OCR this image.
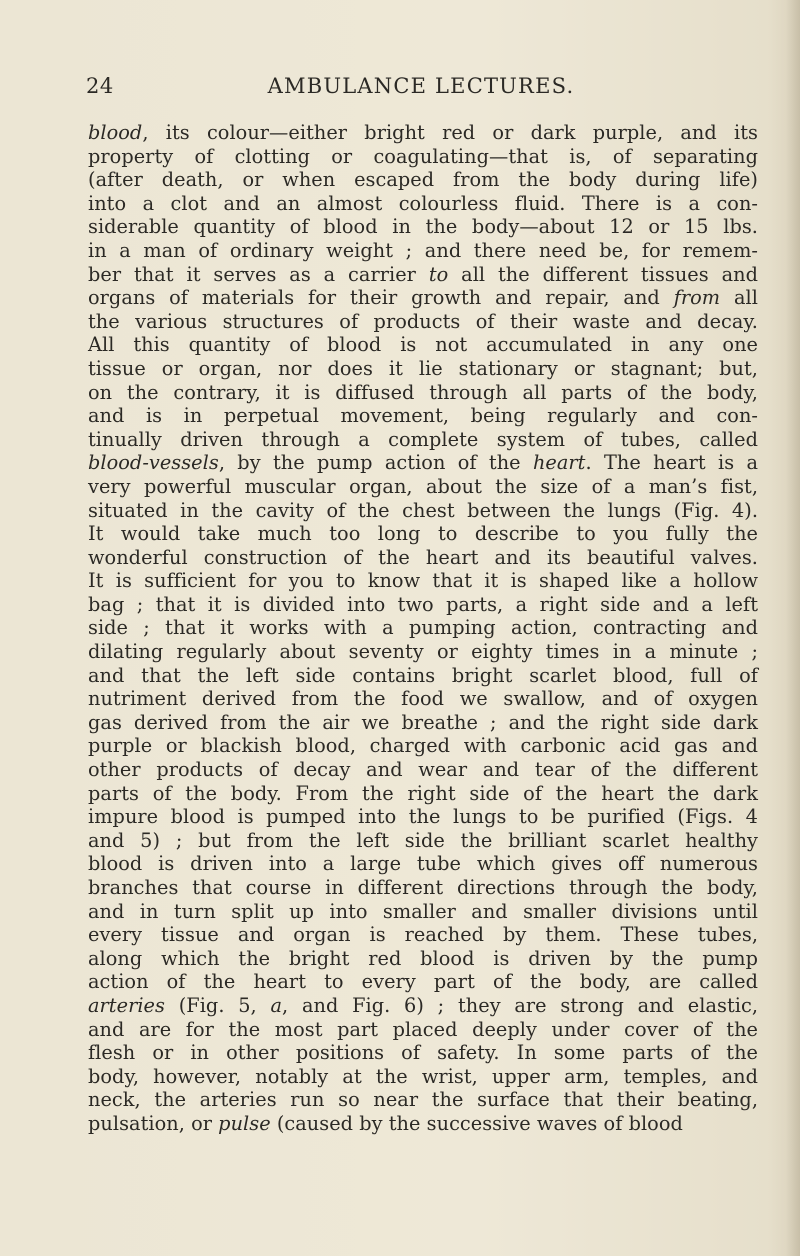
24	AMBULANCE LECTURES.
blood, its colour—either bright red or dark purple, and its
property of clotting or coagulating—that is, of separating
(after death, or when escaped from the body during life)
into a clot and an almost colourless fluid. There is a con-
siderable quantity of blood in the body—about 12 or 15 lbs.
in a man of ordinary weight ; and there need be, for remem-
ber that it serves as a carrier to all the different tissues and
organs of materials for their growth and repair, and from all
the various structures of products of their waste and decay.
All this quantity of blood is not accumulated in any one
tissue or organ, nor does it lie stationary or stagnant; but,
on the contrary, it is diffused through all parts of the body,
and is in perpetual movement, being regularly and con-
tinually driven through a complete system of tubes, called
blood-vessels, by the pump action of the heart. The heart is a
very powerful muscular organ, about the size of a man’s fist,
situated in the cavity of the chest between the lungs (Fig. 4).
It would take much too long to describe to you fully the
wonderful construction of the heart and its beautiful valves.
It is sufficient for you to know that it is shaped like a hollow
bag ; that it is divided into two parts, a right side and a left
side ; that it works with a pumping action, contracting and
dilating regularly about seventy or eighty times in a minute ;
and that the left side contains bright scarlet blood, full of
nutriment derived from the food we swallow, and of oxygen
gas derived from the air we breathe ; and the right side dark
purple or blackish blood, charged with carbonic acid gas and
other products of decay and wear and tear of the different
parts of the body. From the right side of the heart the dark
impure blood is pumped into the lungs to be purified (Figs. 4
and 5) ; but from the left side the brilliant scarlet healthy
blood is driven into a large tube which gives off numerous
branches that course in different directions through the body,
and in turn split up into smaller and smaller divisions until
every tissue and organ is reached by them. These tubes,
along which the bright red blood is driven by the pump
action of the heart to every part of the body, are called
arteries (Fig. 5, a, and Fig. 6) ; they are strong and elastic,
and are for the most part placed deeply under cover of the
flesh or in other positions of safety. In some parts of the
body, however, notably at the wrist, upper arm, temples, and
neck, the arteries run so near the surface that their beating,
pulsation, or pulse (caused by the successive waves of blood
